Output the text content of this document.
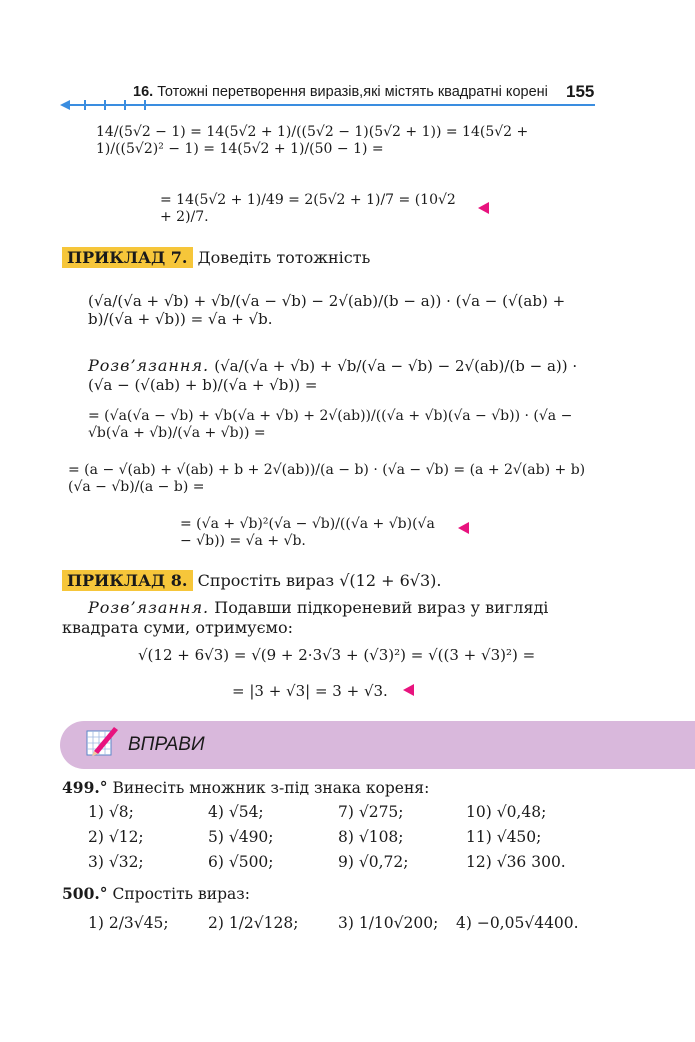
16. Тотожні перетворення виразів,які містять квадратні корені 155
14/(5√2 − 1) = 14(5√2 + 1)/((5√2 − 1)(5√2 + 1)) = 14(5√2 + 1)/((5√2)² − 1) = 14(5√2 + 1)/(50 − 1) =
= 14(5√2 + 1)/49 = 2(5√2 + 1)/7 = (10√2 + 2)/7.
ПРИКЛАД 7. Доведіть тотожність
(√a/(√a + √b) + √b/(√a − √b) − 2√(ab)/(b − a)) · (√a − (√(ab) + b)/(√a + √b)) = √a + √b.
Розв’язання. (√a/(√a + √b) + √b/(√a − √b) − 2√(ab)/(b − a)) · (√a − (√(ab) + b)/(√a + √b)) =
= (√a(√a − √b) + √b(√a + √b) + 2√(ab))/((√a + √b)(√a − √b)) · (√a − √b(√a + √b)/(√a + √b)) =
= (a − √(ab) + √(ab) + b + 2√(ab))/(a − b) · (√a − √b) = (a + 2√(ab) + b)(√a − √b)/(a − b) =
= (√a + √b)²(√a − √b)/((√a + √b)(√a − √b)) = √a + √b.
ПРИКЛАД 8. Спростіть вираз √(12 + 6√3).
Розв’язання. Подавши підкореневий вираз у вигляді
квадрата суми, отримуємо:
√(12 + 6√3) = √(9 + 2·3√3 + (√3)²) = √((3 + √3)²) =
= |3 + √3| = 3 + √3.
ВПРАВИ
499.° Винесіть множник з-під знака кореня:
1) √8;	4) √54;	7) √275;	10) √0,48;
2) √12;	5) √490;	8) √108;	11) √450;
3) √32;	6) √500;	9) √0,72;	12) √36 300.
500.° Спростіть вираз:
1) 2/3√45;	2) 1/2√128;	3) 1/10√200; 4) −0,05√4400.
